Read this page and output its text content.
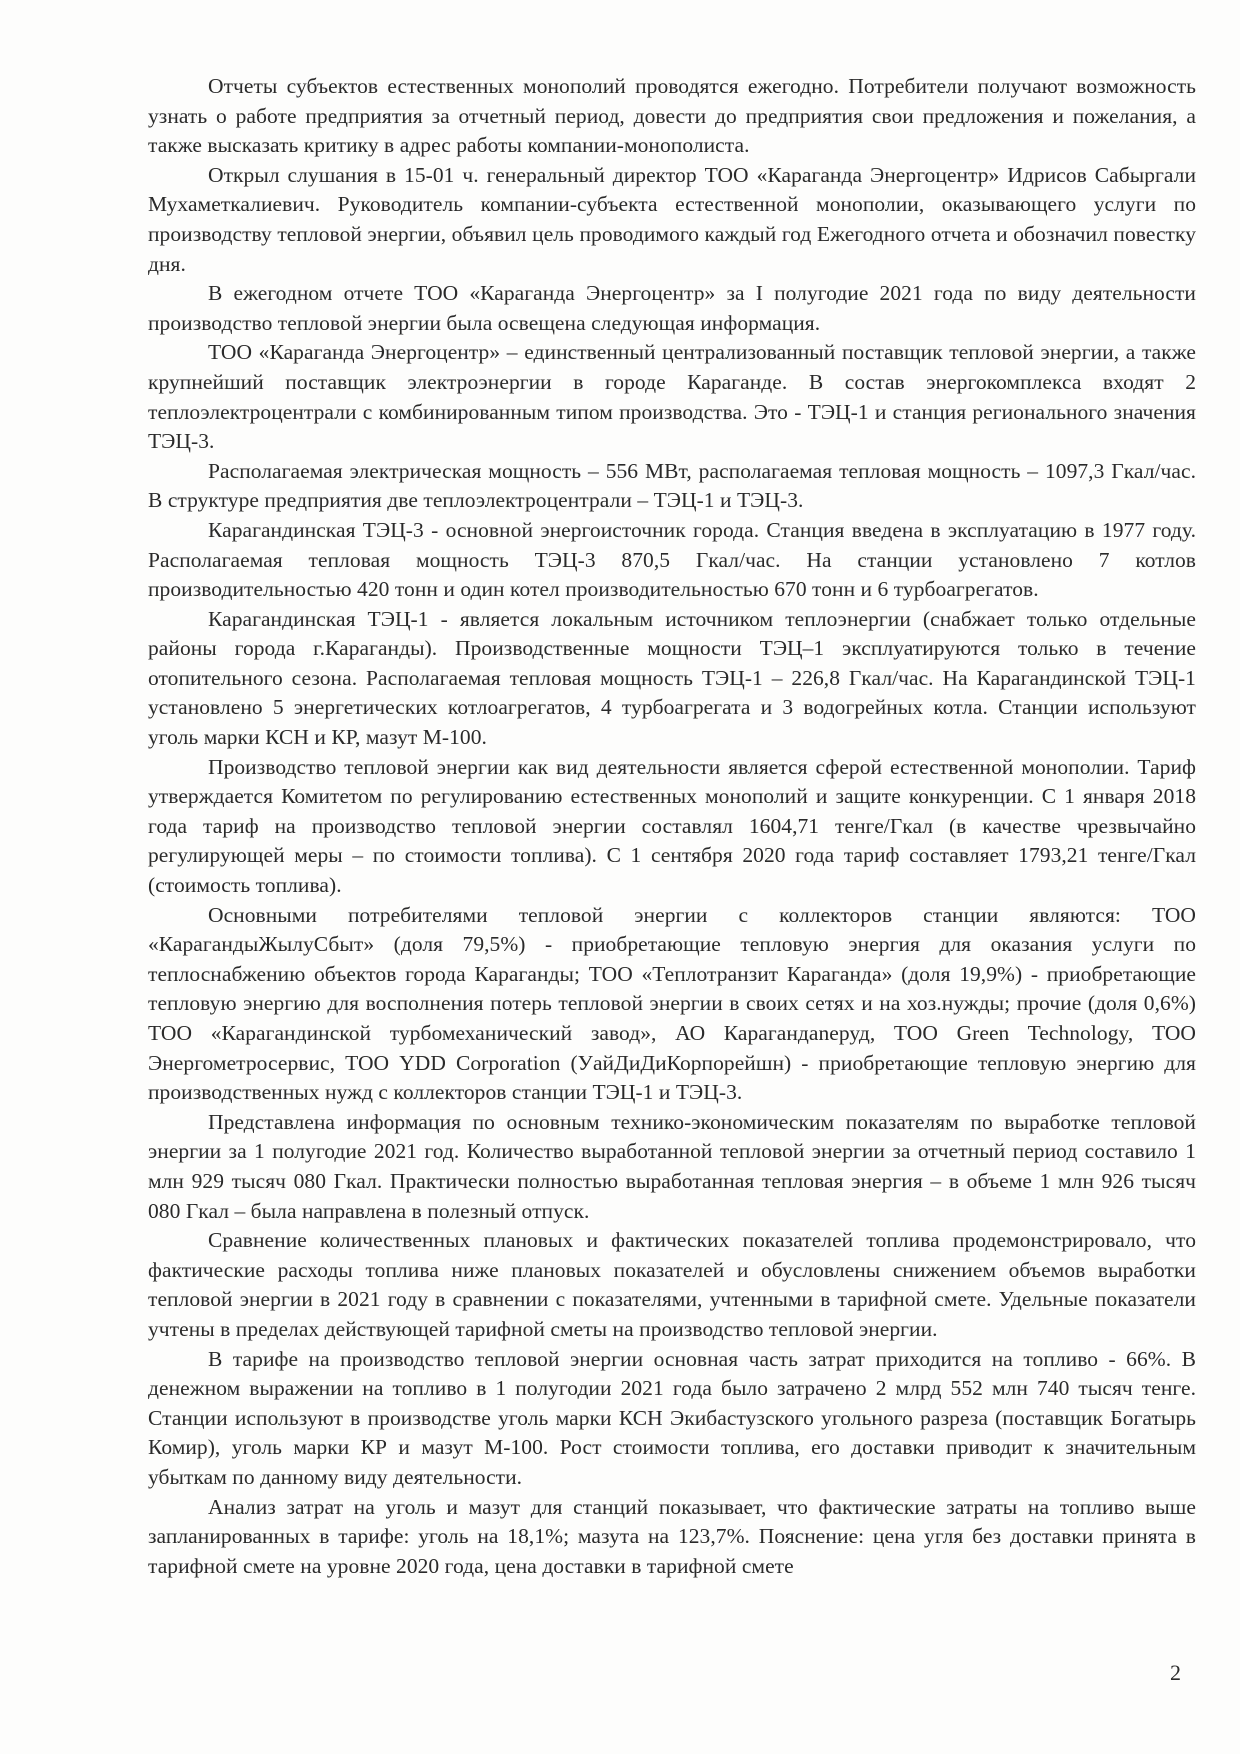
Отчеты субъектов естественных монополий проводятся ежегодно. Потребители получают возможность узнать о работе предприятия за отчетный период, довести до предприятия свои предложения и пожелания, а также высказать критику в адрес работы компании-монополиста.

Открыл слушания в 15-01 ч. генеральный директор ТОО «Караганда Энергоцентр» Идрисов Сабыргали Мухаметкалиевич. Руководитель компании-субъекта естественной монополии, оказывающего услуги по производству тепловой энергии, объявил цель проводимого каждый год Ежегодного отчета и обозначил повестку дня.

В ежегодном отчете ТОО «Караганда Энергоцентр» за I полугодие 2021 года по виду деятельности производство тепловой энергии была освещена следующая информация.

ТОО «Караганда Энергоцентр» – единственный централизованный поставщик тепловой энергии, а также крупнейший поставщик электроэнергии в городе Караганде. В состав энергокомплекса входят 2 теплоэлектроцентрали с комбинированным типом производства. Это - ТЭЦ-1 и станция регионального значения ТЭЦ-3.

Располагаемая электрическая мощность – 556 МВт, располагаемая тепловая мощность – 1097,3 Гкал/час. В структуре предприятия две теплоэлектроцентрали – ТЭЦ-1 и ТЭЦ-3.

Карагандинская ТЭЦ-3 - основной энергоисточник города. Станция введена в эксплуатацию в 1977 году. Располагаемая тепловая мощность ТЭЦ-3 870,5 Гкал/час. На станции установлено 7 котлов производительностью 420 тонн и один котел производительностью 670 тонн и 6 турбоагрегатов.

Карагандинская ТЭЦ-1 - является локальным источником теплоэнергии (снабжает только отдельные районы города г.Караганды). Производственные мощности ТЭЦ–1 эксплуатируются только в течение отопительного сезона. Располагаемая тепловая мощность ТЭЦ-1 – 226,8 Гкал/час. На Карагандинской ТЭЦ-1 установлено 5 энергетических котлоагрегатов, 4 турбоагрегата и 3 водогрейных котла. Станции используют уголь марки КСН и КР, мазут М-100.

Производство тепловой энергии как вид деятельности является сферой естественной монополии. Тариф утверждается Комитетом по регулированию естественных монополий и защите конкуренции. С 1 января 2018 года тариф на производство тепловой энергии составлял 1604,71 тенге/Гкал (в качестве чрезвычайно регулирующей меры – по стоимости топлива). С 1 сентября 2020 года тариф составляет 1793,21 тенге/Гкал (стоимость топлива).

Основными потребителями тепловой энергии с коллекторов станции являются: ТОО «КарагандыЖылуСбыт» (доля 79,5%) - приобретающие тепловую энергия для оказания услуги по теплоснабжению объектов города Караганды; ТОО «Теплотранзит Караганда» (доля 19,9%) - приобретающие тепловую энергию для восполнения потерь тепловой энергии в своих сетях и на хоз.нужды; прочие (доля 0,6%) ТОО «Карагандинской турбомеханический завод», АО Карагандаnеруд, ТОО Green Technology, ТОО Энергометросервис, ТОО YDD Corporation (УайДиДиКорпорейшн) - приобретающие тепловую энергию для производственных нужд с коллекторов станции ТЭЦ-1 и ТЭЦ-3.

Представлена информация по основным технико-экономическим показателям по выработке тепловой энергии за 1 полугодие 2021 год. Количество выработанной тепловой энергии за отчетный период составило 1 млн 929 тысяч 080 Гкал. Практически полностью выработанная тепловая энергия – в объеме 1 млн 926 тысяч 080 Гкал – была направлена в полезный отпуск.

Сравнение количественных плановых и фактических показателей топлива продемонстрировало, что фактические расходы топлива ниже плановых показателей и обусловлены снижением объемов выработки тепловой энергии в 2021 году в сравнении с показателями, учтенными в тарифной смете. Удельные показатели учтены в пределах действующей тарифной сметы на производство тепловой энергии.

В тарифе на производство тепловой энергии основная часть затрат приходится на топливо - 66%. В денежном выражении на топливо в 1 полугодии 2021 года было затрачено 2 млрд 552 млн 740 тысяч тенге. Станции используют в производстве уголь марки КСН Экибастузского угольного разреза (поставщик Богатырь Комир), уголь марки КР и мазут М-100. Рост стоимости топлива, его доставки приводит к значительным убыткам по данному виду деятельности.

Анализ затрат на уголь и мазут для станций показывает, что фактические затраты на топливо выше запланированных в тарифе: уголь на 18,1%; мазута на 123,7%. Пояснение: цена угля без доставки принята в тарифной смете на уровне 2020 года, цена доставки в тарифной смете

2
